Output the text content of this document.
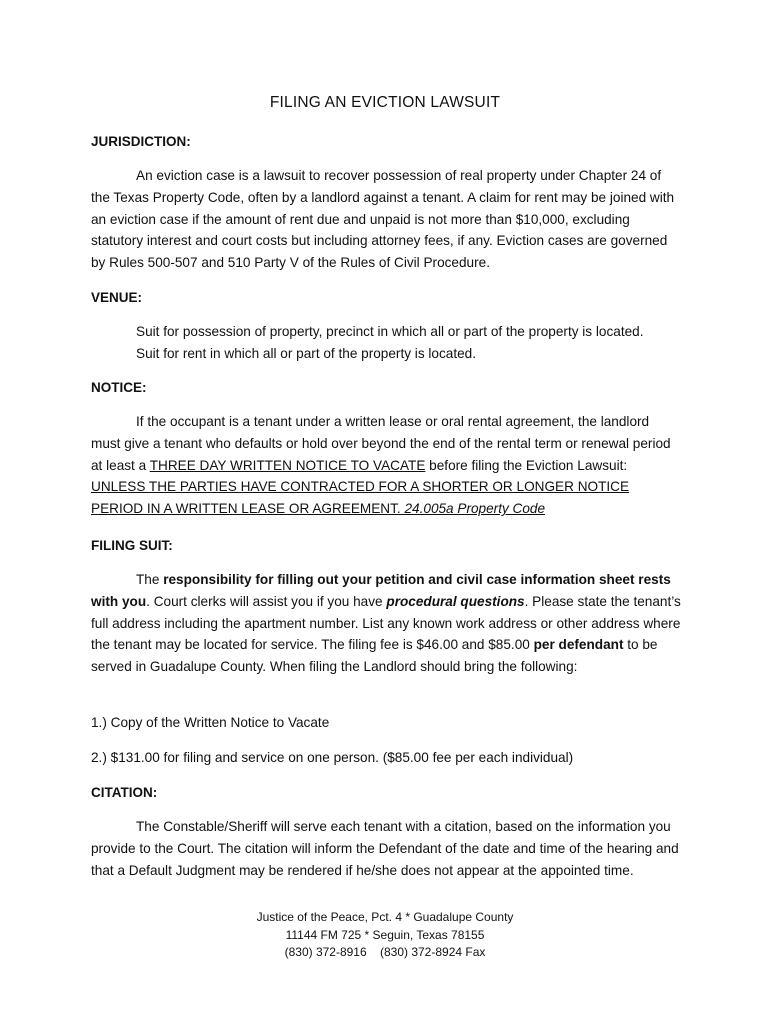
FILING AN EVICTION LAWSUIT
JURISDICTION:

An eviction case is a lawsuit to recover possession of real property under Chapter 24 of the Texas Property Code, often by a landlord against a tenant. A claim for rent may be joined with an eviction case if the amount of rent due and unpaid is not more than $10,000, excluding statutory interest and court costs but including attorney fees, if any. Eviction cases are governed by Rules 500-507 and 510 Party V of the Rules of Civil Procedure.

VENUE:
Suit for possession of property, precinct in which all or part of the property is located.
Suit for rent in which all or part of the property is located.
NOTICE:

If the occupant is a tenant under a written lease or oral rental agreement, the landlord must give a tenant who defaults or hold over beyond the end of the rental term or renewal period at least a THREE DAY WRITTEN NOTICE TO VACATE before filing the Eviction Lawsuit: UNLESS THE PARTIES HAVE CONTRACTED FOR A SHORTER OR LONGER NOTICE PERIOD IN A WRITTEN LEASE OR AGREEMENT. 24.005a Property Code

FILING SUIT:

The responsibility for filling out your petition and civil case information sheet rests with you. Court clerks will assist you if you have procedural questions. Please state the tenant’s full address including the apartment number. List any known work address or other address where the tenant may be located for service. The filing fee is $46.00 and $85.00 per defendant to be served in Guadalupe County. When filing the Landlord should bring the following:

1.) Copy of the Written Notice to Vacate

2.) $131.00 for filing and service on one person. ($85.00 fee per each individual)

CITATION:

The Constable/Sheriff will serve each tenant with a citation, based on the information you provide to the Court. The citation will inform the Defendant of the date and time of the hearing and that a Default Judgment may be rendered if he/she does not appear at the appointed time.

Justice of the Peace, Pct. 4 * Guadalupe County
11144 FM 725 * Seguin, Texas 78155
(830) 372-8916    (830) 372-8924 Fax
